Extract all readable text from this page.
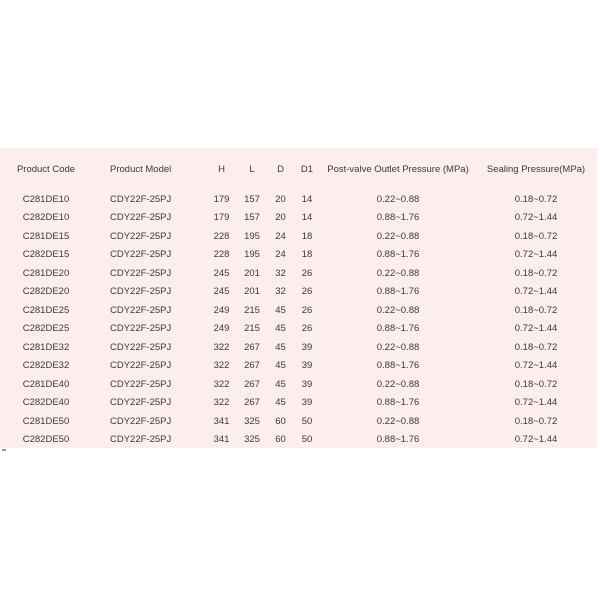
Product Code	Product Model	H	L	D	D1	Post-valve Outlet Pressure (MPa)	Sealing Pressure(MPa)
C281DE10	CDY22F-25PJ	179	157	20	14	0.22~0.88	0.18~0.72
C282DE10	CDY22F-25PJ	179	157	20	14	0.88~1.76	0.72~1.44
C281DE15	CDY22F-25PJ	228	195	24	18	0.22~0.88	0.18~0.72
C282DE15	CDY22F-25PJ	228	195	24	18	0.88~1.76	0.72~1.44
C281DE20	CDY22F-25PJ	245	201	32	26	0.22~0.88	0.18~0.72
C282DE20	CDY22F-25PJ	245	201	32	26	0.88~1.76	0.72~1.44
C281DE25	CDY22F-25PJ	249	215	45	26	0.22~0.88	0.18~0.72
C282DE25	CDY22F-25PJ	249	215	45	26	0.88~1.76	0.72~1.44
C281DE32	CDY22F-25PJ	322	267	45	39	0.22~0.88	0.18~0.72
C282DE32	CDY22F-25PJ	322	267	45	39	0.88~1.76	0.72~1.44
C281DE40	CDY22F-25PJ	322	267	45	39	0.22~0.88	0.18~0.72
C282DE40	CDY22F-25PJ	322	267	45	39	0.88~1.76	0.72~1.44
C281DE50	CDY22F-25PJ	341	325	60	50	0.22~0.88	0.18~0.72
C282DE50	CDY22F-25PJ	341	325	60	50	0.88~1.76	0.72~1.44
